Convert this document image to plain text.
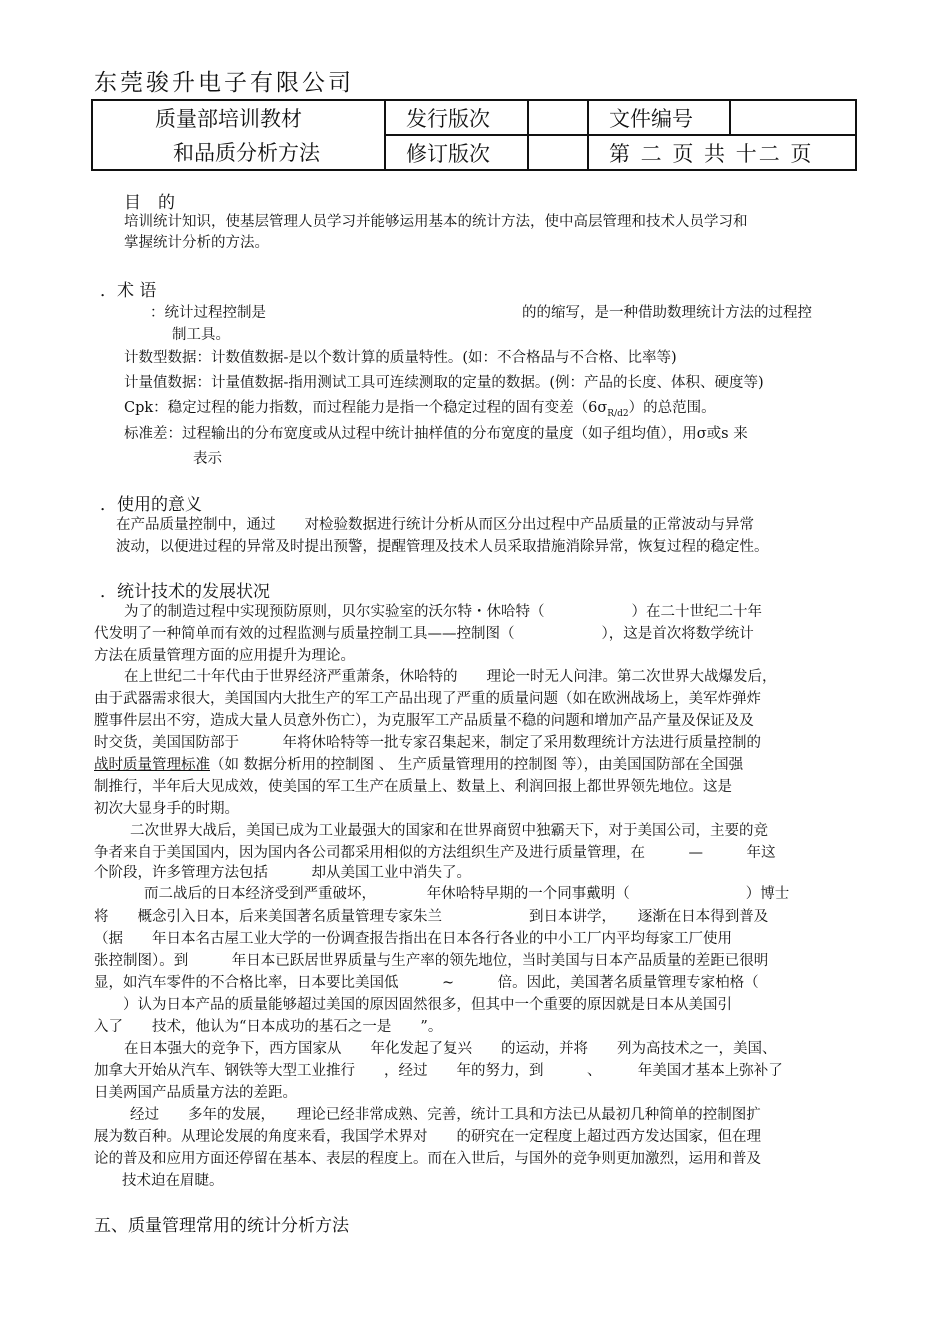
东莞骏升电子有限公司
质量部培训教材	发行版次		文件编号	
和品质分析方法	修订版次		第 二 页 共 十二 页	
目　的
培训统计知识，使基层管理人员学习并能够运用基本的统计方法，使中高层管理和技术人员学习和
掌握统计分析的方法。
．术 语
：统计过程控制是	的的缩写，是一种借助数理统计方法的过程控
制工具。
计数型数据：计数值数据-是以个数计算的质量特性。(如：不合格品与不合格、比率等)
计量值数据：计量值数据-指用测试工具可连续测取的定量的数据。(例：产品的长度、体积、硬度等)
Cpk：稳定过程的能力指数，而过程能力是指一个稳定过程的固有变差$(6\sigma_{R/d2})$的总范围。
标准差：过程输出的分布宽度或从过程中统计抽样值的分布宽度的量度（如子组均值），用σ或s 来
表示
．使用的意义
在产品质量控制中，通过　　对检验数据进行统计分析从而区分出过程中产品质量的正常波动与异常
波动，以便进过程的异常及时提出预警，提醒管理及技术人员采取措施消除异常，恢复过程的稳定性。
．统计技术的发展状况
为了的制造过程中实现预防原则，贝尔实验室的沃尔特・休哈特（　　　　　　）在二十世纪二十年
代发明了一种简单而有效的过程监测与质量控制工具——控制图（　　　　　　），这是首次将数学统计
方法在质量管理方面的应用提升为理论。
在上世纪二十年代由于世界经济严重萧条，休哈特的　　理论一时无人问津。第二次世界大战爆发后，
由于武器需求很大，美国国内大批生产的军工产品出现了严重的质量问题（如在欧洲战场上，美军炸弹炸
膛事件层出不穷，造成大量人员意外伤亡），为克服军工产品质量不稳的问题和增加产品产量及保证及及
时交货，美国国防部于　　　年将休哈特等一批专家召集起来，制定了采用数理统计方法进行质量控制的
战时质量管理标准（如 数据分析用的控制图 、 生产质量管理用的控制图 等），由美国国防部在全国强
制推行，半年后大见成效，使美国的军工生产在质量上、数量上、利润回报上都世界领先地位。这是
初次大显身手的时期。
二次世界大战后，美国已成为工业最强大的国家和在世界商贸中独霸天下，对于美国公司，主要的竞
争者来自于美国国内，因为国内各公司都采用相似的方法组织生产及进行质量管理，在　　　—　　　年这
个阶段，许多管理方法包括　　　却从美国工业中消失了。
而二战后的日本经济受到严重破坏，　　　　年休哈特早期的一个同事戴明（　　　　　　　　）博士
将　　概念引入日本，后来美国著名质量管理专家朱兰　　　　　　到日本讲学，　　逐渐在日本得到普及
（据　　年日本名古屋工业大学的一份调查报告指出在日本各行各业的中小工厂内平均每家工厂使用
张控制图）。到　　　年日本已跃居世界质量与生产率的领先地位，当时美国与日本产品质量的差距已很明
显，如汽车零件的不合格比率，日本要比美国低　　　~　　　倍。因此，美国著名质量管理专家柏格（
　　）认为日本产品的质量能够超过美国的原因固然很多，但其中一个重要的原因就是日本从美国引
入了　　技术，他认为“日本成功的基石之一是　　”。
在日本强大的竞争下，西方国家从　　年化发起了复兴　　的运动，并将　　列为高技术之一，美国、
加拿大开始从汽车、钢铁等大型工业推行　　，经过　　年的努力，到　　　、　　　年美国才基本上弥补了
日美两国产品质量方法的差距。
经过　　多年的发展，　　理论已经非常成熟、完善，统计工具和方法已从最初几种简单的控制图扩
展为数百种。从理论发展的角度来看，我国学术界对　　的研究在一定程度上超过西方发达国家，但在理
论的普及和应用方面还停留在基本、表层的程度上。而在入世后，与国外的竞争则更加激烈，运用和普及
技术迫在眉睫。
五、质量管理常用的统计分析方法
